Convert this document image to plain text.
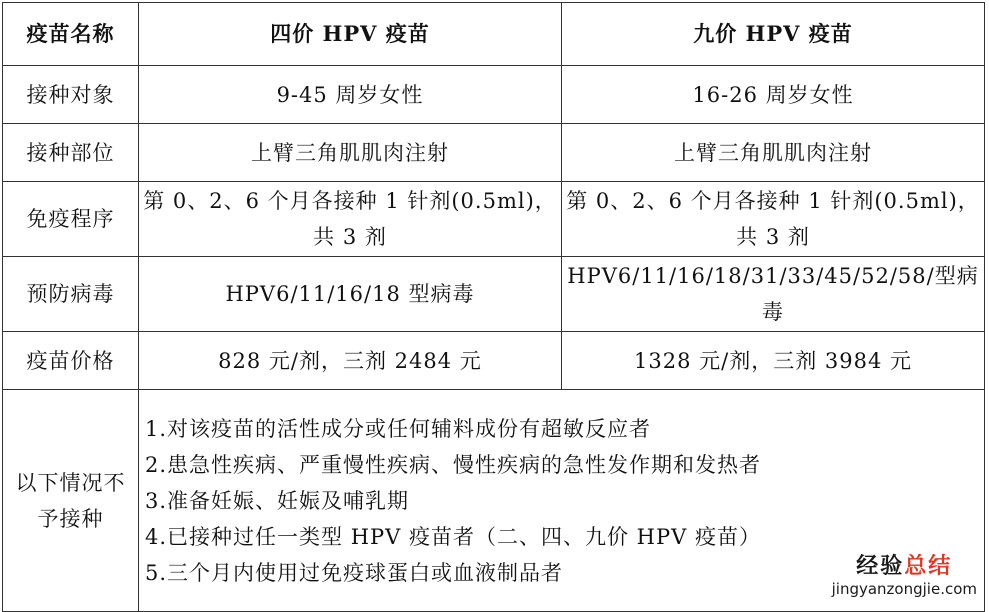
疫苗名称	四价 HPV 疫苗	九价 HPV 疫苗
接种对象	9-45 周岁女性	16-26 周岁女性
接种部位	上臂三角肌肌肉注射	上臂三角肌肌肉注射
免疫程序	第 0、2、6 个月各接种 1 针剂(0.5ml)，共 3 剂	第 0、2、6 个月各接种 1 针剂(0.5ml)，共 3 剂
预防病毒	HPV6/11/16/18 型病毒	HPV6/11/16/18/31/33/45/52/58/型病毒
疫苗价格	828 元/剂，三剂 2484 元	1328 元/剂，三剂 3984 元
以下情况不予接种	1.对该疫苗的活性成分或任何辅料成份有超敏反应者
2.患急性疾病、严重慢性疾病、慢性疾病的急性发作期和发热者
3.准备妊娠、妊娠及哺乳期
4.已接种过任一类型 HPV 疫苗者（二、四、九价 HPV 疫苗）
5.三个月内使用过免疫球蛋白或血液制品者		经验总结
jingyanzongjie.com
